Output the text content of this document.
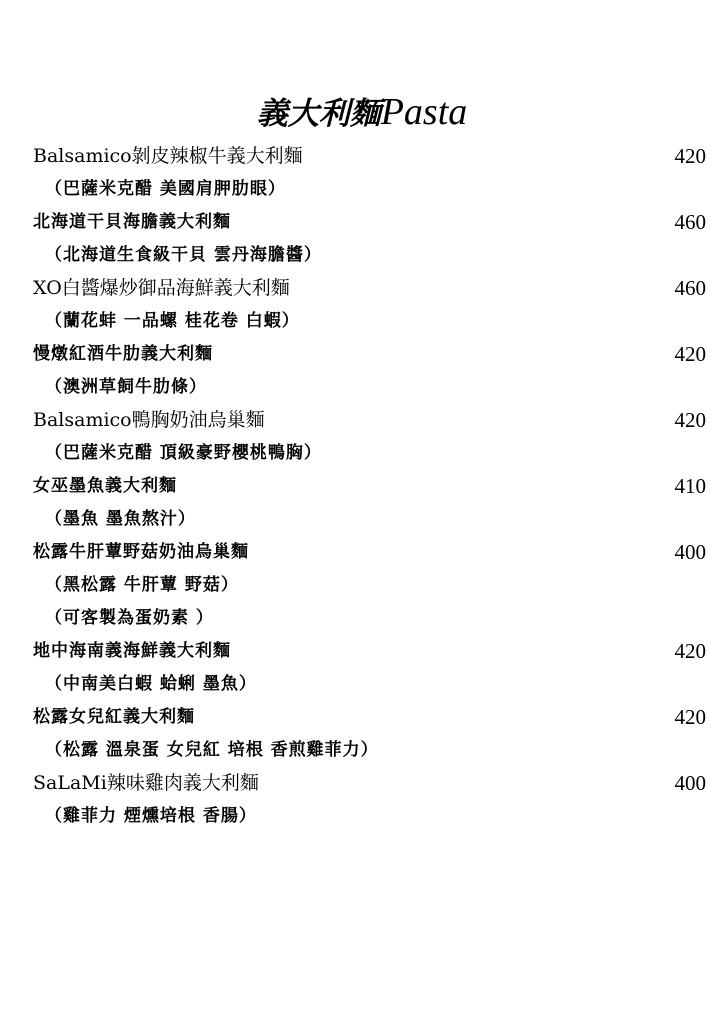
義大利麵Pasta
Balsamico剝皮辣椒牛義大利麵	420
（巴薩米克醋 美國肩胛肋眼）
北海道干貝海膽義大利麵	460
（北海道生食級干貝 雲丹海膽醬）
XO白醬爆炒御品海鮮義大利麵	460
（蘭花蚌 一品螺 桂花卷 白蝦）
慢燉紅酒牛肋義大利麵	420
（澳洲草飼牛肋條）
Balsamico鴨胸奶油烏巢麵	420
（巴薩米克醋 頂級豪野櫻桃鴨胸）
女巫墨魚義大利麵	410
（墨魚 墨魚熬汁）
松露牛肝蕈野菇奶油烏巢麵	400
（黑松露 牛肝蕈 野菇）
（可客製為蛋奶素 ）
地中海南義海鮮義大利麵	420
（中南美白蝦 蛤蜊 墨魚）
松露女兒紅義大利麵	420
（松露 溫泉蛋 女兒紅 培根 香煎雞菲力）
SaLaMi辣味雞肉義大利麵	400
（雞菲力 煙燻培根 香腸）
